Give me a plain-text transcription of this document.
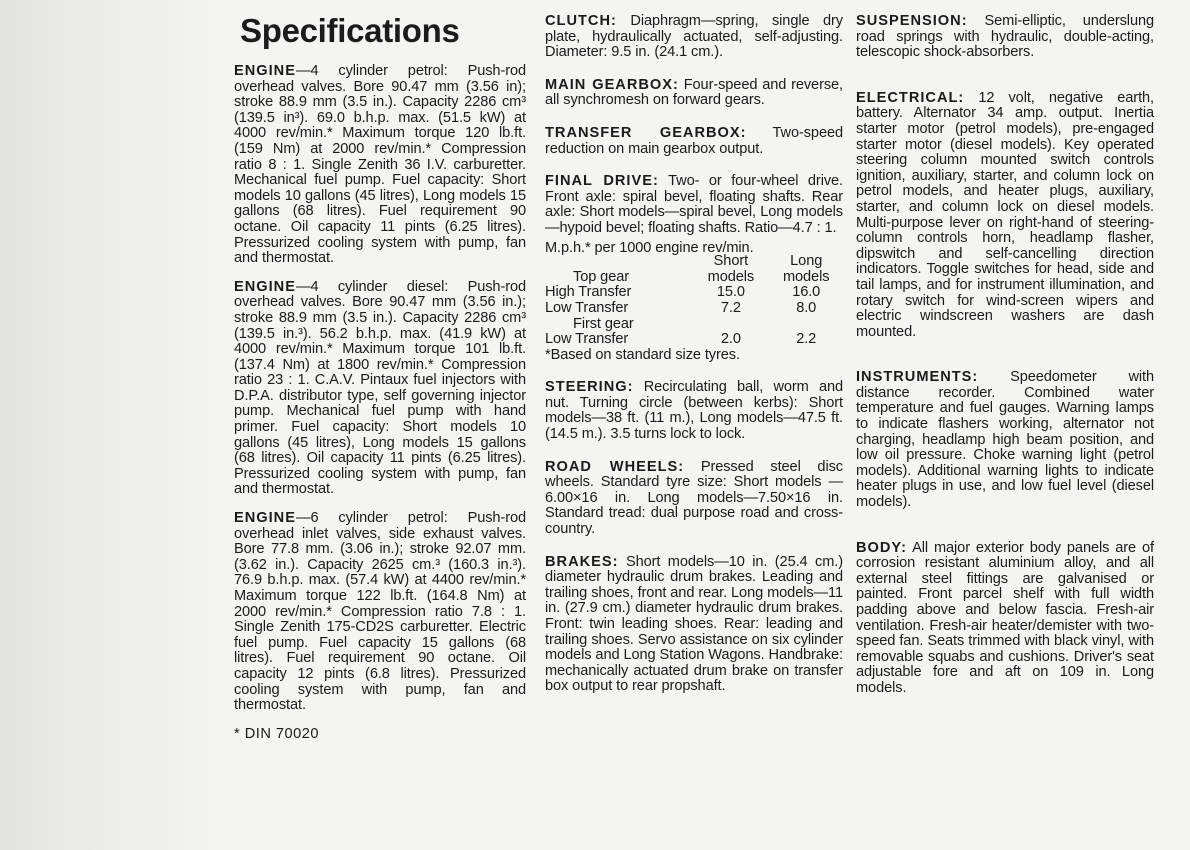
Specifications

ENGINE—4 cylinder petrol: Push-rod overhead valves. Bore 90.47 mm (3.56 in); stroke 88.9 mm (3.5 in.). Capacity 2286 cm³ (139.5 in³). 69.0 b.h.p. max. (51.5 kW) at 4000 rev/min.* Maximum torque 120 lb.ft. (159 Nm) at 2000 rev/min.* Compression ratio 8 : 1. Single Zenith 36 I.V. carburetter. Mechanical fuel pump. Fuel capacity: Short models 10 gallons (45 litres), Long models 15 gallons (68 litres). Fuel requirement 90 octane. Oil capacity 11 pints (6.25 litres). Pressurized cooling system with pump, fan and thermostat.

ENGINE—4 cylinder diesel: Push-rod overhead valves. Bore 90.47 mm (3.56 in.); stroke 88.9 mm (3.5 in.). Capacity 2286 cm³ (139.5 in.³). 56.2 b.h.p. max. (41.9 kW) at 4000 rev/min.* Maximum torque 101 lb.ft. (137.4 Nm) at 1800 rev/min.* Compression ratio 23 : 1. C.A.V. Pintaux fuel injectors with D.P.A. distributor type, self governing injector pump. Mechanical fuel pump with hand primer. Fuel capacity: Short models 10 gallons (45 litres), Long models 15 gallons (68 litres). Oil capacity 11 pints (6.25 litres). Pressurized cooling system with pump, fan and thermostat.

ENGINE—6 cylinder petrol: Push-rod overhead inlet valves, side exhaust valves. Bore 77.8 mm. (3.06 in.); stroke 92.07 mm. (3.62 in.). Capacity 2625 cm.³ (160.3 in.³). 76.9 b.h.p. max. (57.4 kW) at 4400 rev/min.* Maximum torque 122 lb.ft. (164.8 Nm) at 2000 rev/min.* Compression ratio 7.8 : 1. Single Zenith 175-CD2S carburetter. Electric fuel pump. Fuel capacity 15 gallons (68 litres). Fuel requirement 90 octane. Oil capacity 12 pints (6.8 litres). Pressurized cooling system with pump, fan and thermostat.

* DIN 70020

CLUTCH: Diaphragm—spring, single dry plate, hydraulically actuated, self-adjusting. Diameter: 9.5 in. (24.1 cm.).

MAIN GEARBOX: Four-speed and reverse, all synchromesh on forward gears.

TRANSFER GEARBOX: Two-speed reduction on main gearbox output.

FINAL DRIVE: Two- or four-wheel drive. Front axle: spiral bevel, floating shafts. Rear axle: Short models—spiral bevel, Long models—hypoid bevel; floating shafts. Ratio—4.7 : 1.

M.p.h.* per 1000 engine rev/min.

	Short	Long
Top gear	models	models
High Transfer	15.0	16.0
Low Transfer	7.2	8.0
First gear		
Low Transfer	2.0	2.2

*Based on standard size tyres.

STEERING: Recirculating ball, worm and nut. Turning circle (between kerbs): Short models—38 ft. (11 m.), Long models—47.5 ft. (14.5 m.). 3.5 turns lock to lock.

ROAD WHEELS: Pressed steel disc wheels. Standard tyre size: Short models —6.00×16 in. Long models—7.50×16 in. Standard tread: dual purpose road and cross-country.

BRAKES: Short models—10 in. (25.4 cm.) diameter hydraulic drum brakes. Leading and trailing shoes, front and rear. Long models—11 in. (27.9 cm.) diameter hydraulic drum brakes. Front: twin leading shoes. Rear: leading and trailing shoes. Servo assistance on six cylinder models and Long Station Wagons. Handbrake: mechanically actuated drum brake on transfer box output to rear propshaft.

SUSPENSION: Semi-elliptic, underslung road springs with hydraulic, double-acting, telescopic shock-absorbers.

ELECTRICAL: 12 volt, negative earth, battery. Alternator 34 amp. output. Inertia starter motor (petrol models), pre-engaged starter motor (diesel models). Key operated steering column mounted switch controls ignition, auxiliary, starter, and column lock on petrol models, and heater plugs, auxiliary, starter, and column lock on diesel models. Multi-purpose lever on right-hand of steering-column controls horn, headlamp flasher, dipswitch and self-cancelling direction indicators. Toggle switches for head, side and tail lamps, and for instrument illumination, and rotary switch for wind-screen wipers and electric windscreen washers are dash mounted.

INSTRUMENTS: Speedometer with distance recorder. Combined water temperature and fuel gauges. Warning lamps to indicate flashers working, alternator not charging, headlamp high beam position, and low oil pressure. Choke warning light (petrol models). Additional warning lights to indicate heater plugs in use, and low fuel level (diesel models).

BODY: All major exterior body panels are of corrosion resistant aluminium alloy, and all external steel fittings are galvanised or painted. Front parcel shelf with full width padding above and below fascia. Fresh-air ventilation. Fresh-air heater/demister with two-speed fan. Seats trimmed with black vinyl, with removable squabs and cushions. Driver's seat adjustable fore and aft on 109 in. Long models.
